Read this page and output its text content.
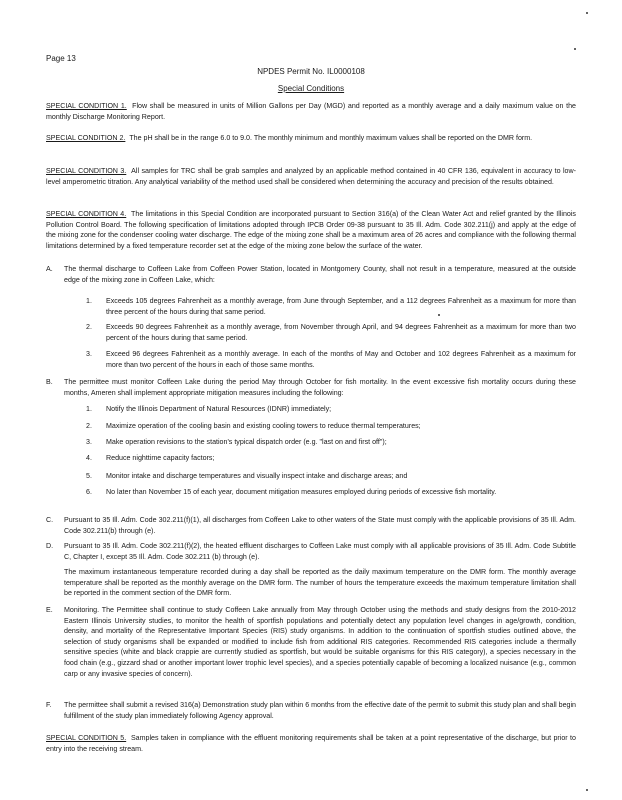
Page 13
NPDES Permit No. IL0000108
Special Conditions
SPECIAL CONDITION 1. Flow shall be measured in units of Million Gallons per Day (MGD) and reported as a monthly average and a daily maximum value on the monthly Discharge Monitoring Report.
SPECIAL CONDITION 2. The pH shall be in the range 6.0 to 9.0. The monthly minimum and monthly maximum values shall be reported on the DMR form.
SPECIAL CONDITION 3. All samples for TRC shall be grab samples and analyzed by an applicable method contained in 40 CFR 136, equivalent in accuracy to low-level amperometric titration. Any analytical variability of the method used shall be considered when determining the accuracy and precision of the results obtained.
SPECIAL CONDITION 4. The limitations in this Special Condition are incorporated pursuant to Section 316(a) of the Clean Water Act and relief granted by the Illinois Pollution Control Board. The following specification of limitations adopted through IPCB Order 09-38 pursuant to 35 Ill. Adm. Code 302.211(j) and apply at the edge of the mixing zone for the condenser cooling water discharge. The edge of the mixing zone shall be a maximum area of 26 acres and compliance with the following thermal limitations determined by a fixed temperature recorder set at the edge of the mixing zone below the surface of the water.
A. The thermal discharge to Coffeen Lake from Coffeen Power Station, located in Montgomery County, shall not result in a temperature, measured at the outside edge of the mixing zone in Coffeen Lake, which:
1. Exceeds 105 degrees Fahrenheit as a monthly average, from June through September, and a 112 degrees Fahrenheit as a maximum for more than three percent of the hours during that same period.
2. Exceeds 90 degrees Fahrenheit as a monthly average, from November through April, and 94 degrees Fahrenheit as a maximum for more than two percent of the hours during that same period.
3. Exceed 96 degrees Fahrenheit as a monthly average. In each of the months of May and October and 102 degrees Fahrenheit as a maximum for more than two percent of the hours in each of those same months.
B. The permittee must monitor Coffeen Lake during the period May through October for fish mortality. In the event excessive fish mortality occurs during these months, Ameren shall implement appropriate mitigation measures including the following:
1. Notify the Illinois Department of Natural Resources (IDNR) immediately;
2. Maximize operation of the cooling basin and existing cooling towers to reduce thermal temperatures;
3. Make operation revisions to the station's typical dispatch order (e.g. "last on and first off");
4. Reduce nighttime capacity factors;
5. Monitor intake and discharge temperatures and visually inspect intake and discharge areas; and
6. No later than November 15 of each year, document mitigation measures employed during periods of excessive fish mortality.
C. Pursuant to 35 Ill. Adm. Code 302.211(f)(1), all discharges from Coffeen Lake to other waters of the State must comply with the applicable provisions of 35 Ill. Adm. Code 302.211(b) through (e).
D. Pursuant to 35 Ill. Adm. Code 302.211(f)(2), the heated effluent discharges to Coffeen Lake must comply with all applicable provisions of 35 Ill. Adm. Code Subtitle C, Chapter I, except 35 Ill. Adm. Code 302.211 (b) through (e).
The maximum instantaneous temperature recorded during a day shall be reported as the daily maximum temperature on the DMR form. The monthly average temperature shall be reported as the monthly average on the DMR form. The number of hours the temperature exceeds the maximum temperature limitation shall be reported in the comment section of the DMR form.
E. Monitoring. The Permittee shall continue to study Coffeen Lake annually from May through October using the methods and study designs from the 2010-2012 Eastern Illinois University studies, to monitor the health of sportfish populations and potentially detect any population level changes in age/growth, condition, density, and mortality of the Representative Important Species (RIS) study organisms. In addition to the continuation of sportfish studies outlined above, the selection of study organisms shall be expanded or modified to include fish from additional RIS categories. Recommended RIS categories include a thermally sensitive species (white and black crappie are currently studied as sportfish, but would be suitable organisms for this RIS category), a species necessary in the food chain (e.g., gizzard shad or another important lower trophic level species), and a species potentially capable of becoming a localized nuisance (e.g., common carp or any invasive species of concern).
F. The permittee shall submit a revised 316(a) Demonstration study plan within 6 months from the effective date of the permit to submit this study plan and shall begin fulfillment of the study plan immediately following Agency approval.
SPECIAL CONDITION 5. Samples taken in compliance with the effluent monitoring requirements shall be taken at a point representative of the discharge, but prior to entry into the receiving stream.
